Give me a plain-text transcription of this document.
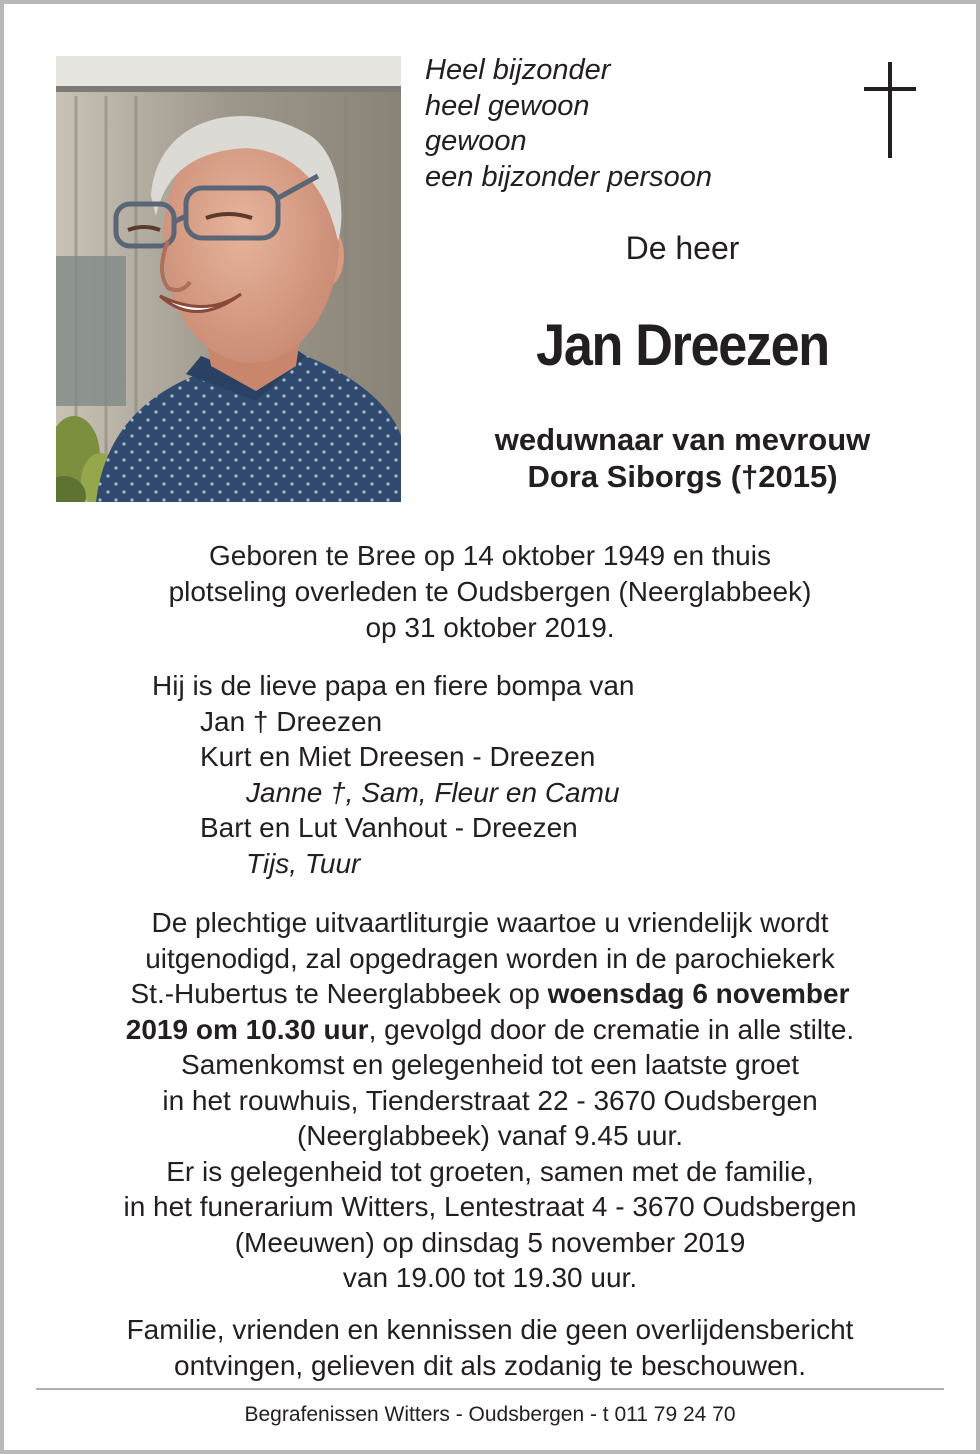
Heel bijzonder
heel gewoon
gewoon
een bijzonder persoon
De heer
Jan Dreezen
weduwnaar van mevrouw
Dora Siborgs (†2015)
Geboren te Bree op 14 oktober 1949 en thuis
plotseling overleden te Oudsbergen (Neerglabbeek)
op 31 oktober 2019.
Hij is de lieve papa en fiere bompa van
Jan † Dreezen
Kurt en Miet Dreesen - Dreezen
Janne †, Sam, Fleur en Camu
Bart en Lut Vanhout - Dreezen
Tijs, Tuur
De plechtige uitvaartliturgie waartoe u vriendelijk wordt
uitgenodigd, zal opgedragen worden in de parochiekerk
St.-Hubertus te Neerglabbeek op woensdag 6 november
2019 om 10.30 uur, gevolgd door de crematie in alle stilte.
Samenkomst en gelegenheid tot een laatste groet
in het rouwhuis, Tienderstraat 22 - 3670 Oudsbergen
(Neerglabbeek) vanaf 9.45 uur.
Er is gelegenheid tot groeten, samen met de familie,
in het funerarium Witters, Lentestraat 4 - 3670 Oudsbergen
(Meeuwen) op dinsdag 5 november 2019
van 19.00 tot 19.30 uur.
Familie, vrienden en kennissen die geen overlijdensbericht
ontvingen, gelieven dit als zodanig te beschouwen.
Begrafenissen Witters - Oudsbergen - t 011 79 24 70
